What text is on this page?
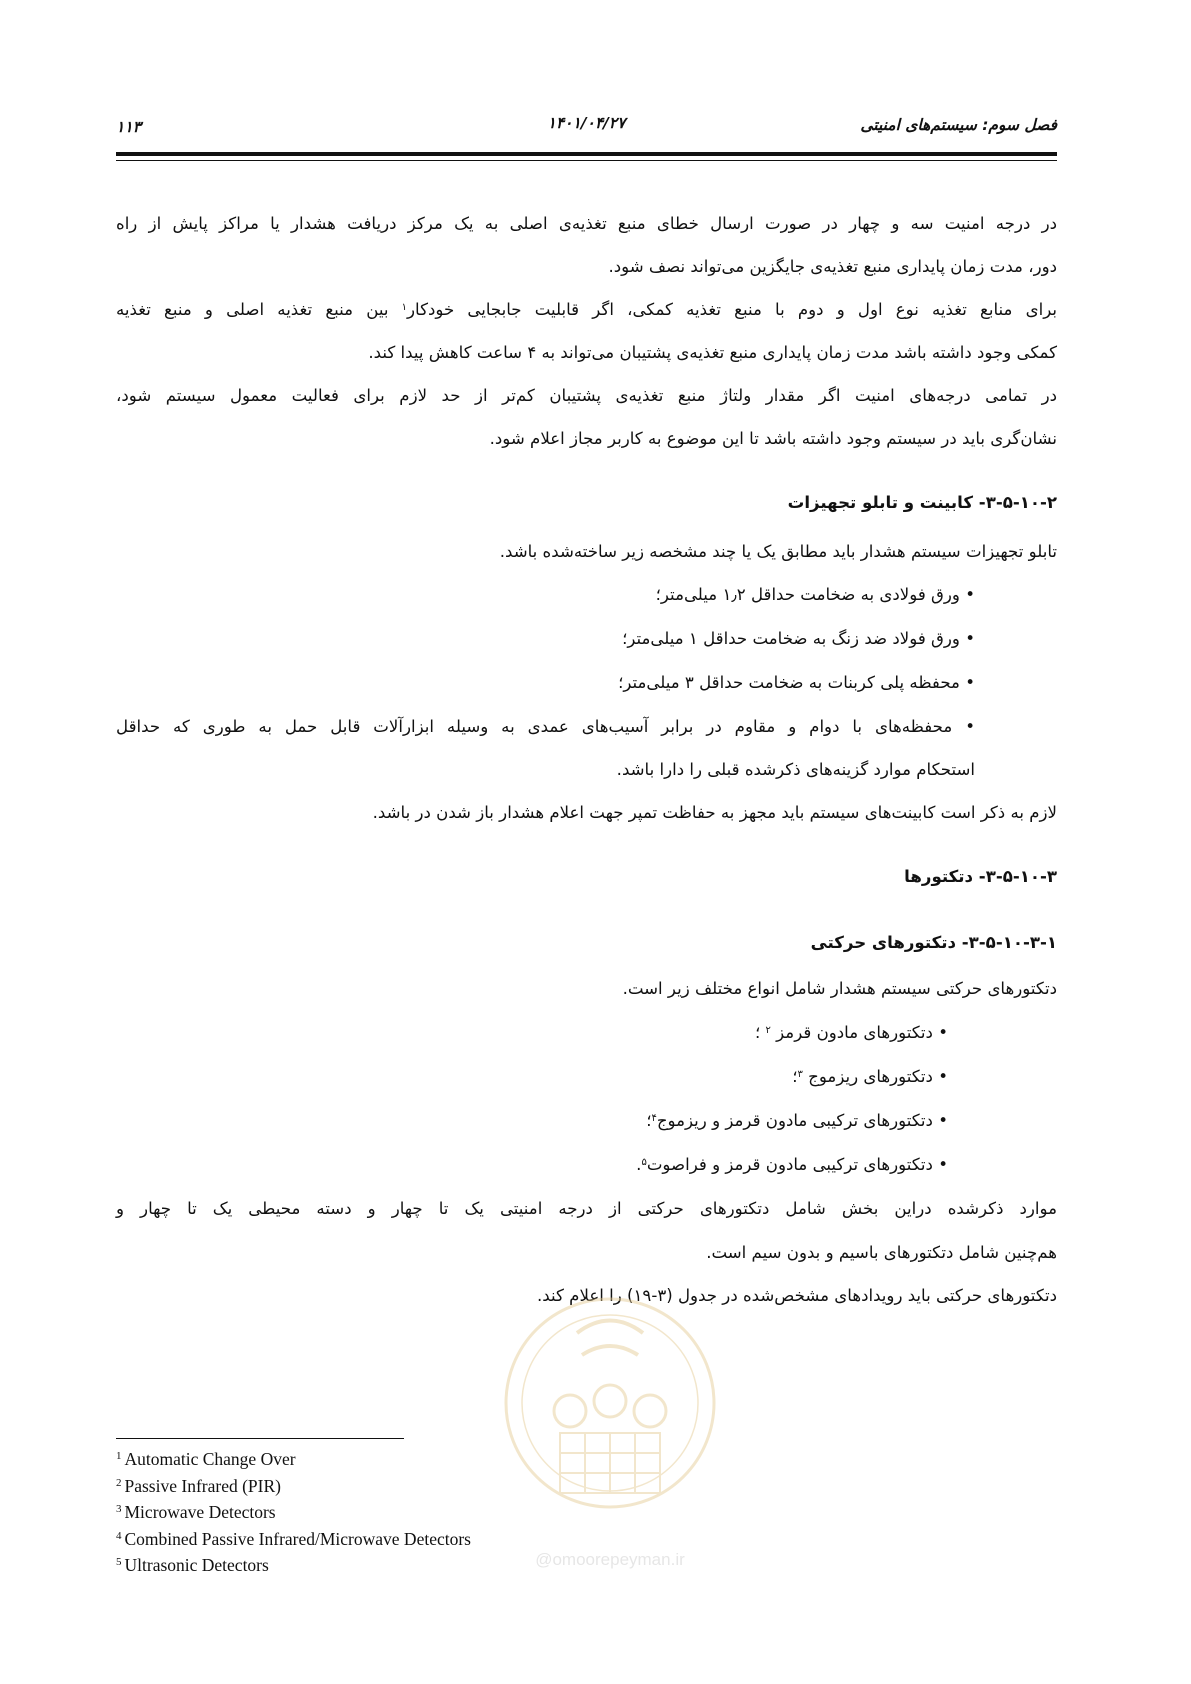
فصل سوم: سیستم‌های امنیتی
۱۴۰۱/۰۴/۲۷
۱۱۳
در درجه امنیت سه و چهار در صورت ارسال خطای منبع تغذیه‌ی اصلی به یک مرکز دریافت هشدار یا مراکز پایش از راه
دور، مدت زمان پایداری منبع تغذیه‌ی جایگزین می‌تواند نصف شود.
برای منابع تغذیه نوع اول و دوم با منبع تغذیه کمکی، اگر قابلیت جابجایی خودکار$^۱$ بین منبع تغذیه اصلی و منبع تغذیه
کمکی وجود داشته باشد مدت زمان پایداری منبع تغذیه‌ی پشتیبان می‌تواند به ۴ ساعت کاهش پیدا کند.
در تمامی درجه‌های امنیت اگر مقدار ولتاژ منبع تغذیه‌ی پشتیبان کم‌تر از حد لازم برای فعالیت معمول سیستم شود،
نشان‌گری باید در سیستم وجود داشته باشد تا این موضوع به کاربر مجاز اعلام شود.
۳-۵-۱۰-۲- کابینت و تابلو تجهیزات
تابلو تجهیزات سیستم هشدار باید مطابق یک یا چند مشخصه زیر ساخته‌شده باشد.
• ورق فولادی به ضخامت حداقل ۱٫۲ میلی‌متر؛
• ورق فولاد ضد زنگ به ضخامت حداقل ۱ میلی‌متر؛
• محفظه پلی کربنات به ضخامت حداقل ۳ میلی‌متر؛
• محفظه‌های با دوام و مقاوم در برابر آسیب‌های عمدی به وسیله ابزارآلات قابل حمل به طوری که حداقل
استحکام موارد گزینه‌های ذکرشده قبلی را دارا باشد.
لازم به ذکر است کابینت‌های سیستم باید مجهز به حفاظت تمپر جهت اعلام هشدار باز شدن در باشد.
۳-۵-۱۰-۳- دتکتورها
۳-۵-۱۰-۳-۱- دتکتورهای حرکتی
دتکتورهای حرکتی سیستم هشدار شامل انواع مختلف زیر است.
• دتکتورهای مادون قرمز $^۲$ ؛
• دتکتورهای ریزموج $^۳$؛
• دتکتورهای ترکیبی مادون قرمز و ریزموج$^۴$؛
• دتکتورهای ترکیبی مادون قرمز و فراصوت$^۵$.
موارد ذکرشده دراین بخش شامل دتکتورهای حرکتی از درجه امنیتی یک تا چهار و دسته محیطی یک تا چهار و
هم‌چنین شامل دتکتورهای باسیم و بدون سیم است.
دتکتورهای حرکتی باید رویدادهای مشخص‌شده در جدول (۳-۱۹) را اعلام کند.
@omoorepeyman.ir
$^1$ Automatic Change Over
$^2$ Passive Infrared (PIR)
$^3$ Microwave Detectors
$^4$ Combined Passive Infrared/Microwave Detectors
$^5$ Ultrasonic Detectors
